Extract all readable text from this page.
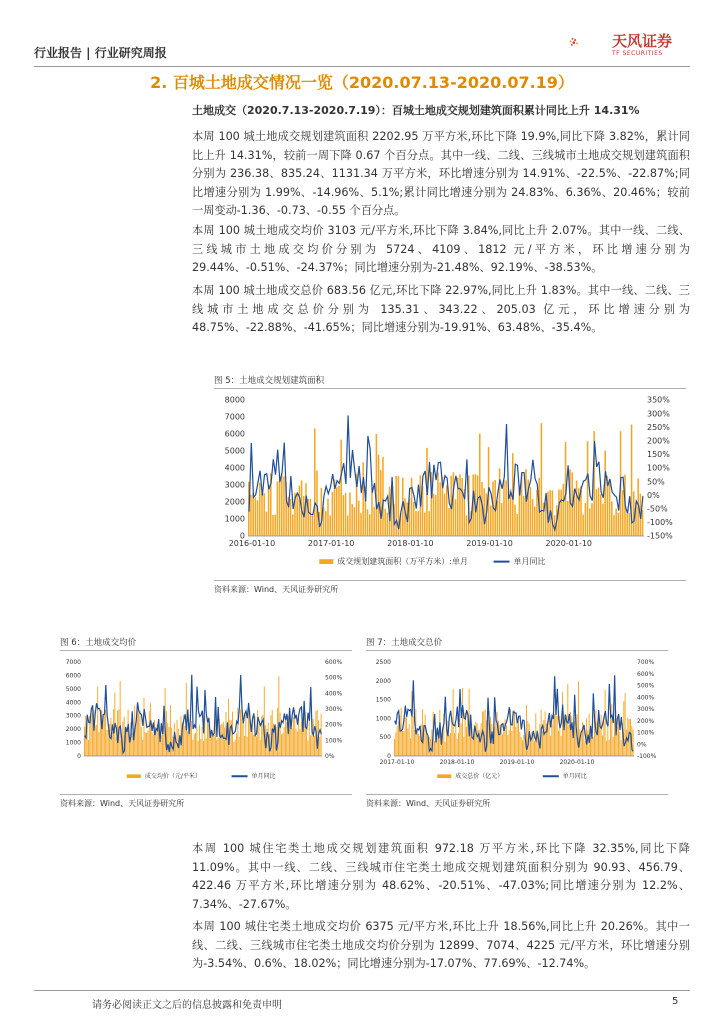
行业报告 | 行业研究周报
天风证券
TF SECURITIES
2. 百城土地成交情况一览（2020.07.13-2020.07.19）
土地成交（2020.7.13-2020.7.19）：百城土地成交规划建筑面积累计同比上升 14.31%
本周 100 城土地成交规划建筑面积 2202.95 万平方米,环比下降 19.9%,同比下降 3.82%，累计同比上升 14.31%，较前一周下降 0.67 个百分点。其中一线、二线、三线城市土地成交规划建筑面积分别为 236.38、835.24、1131.34 万平方米，环比增速分别为 14.91%、-22.5%、-22.87%;同比增速分别为 1.99%、-14.96%、5.1%;累计同比增速分别为 24.83%、6.36%、20.46%；较前一周变动-1.36、-0.73、-0.55 个百分点。
本周 100 城土地成交均价 3103 元/平方米,环比下降 3.84%,同比上升 2.07%。其中一线、二线、三线城市土地成交均价分别为 5724、4109、1812 元/平方米，环比增速分别为 29.44%、-0.51%、-24.37%；同比增速分别为-21.48%、92.19%、-38.53%。
本周 100 城土地成交总价 683.56 亿元,环比下降 22.97%,同比上升 1.83%。其中一线、二线、三线城市土地成交总价分别为 135.31、343.22、205.03 亿元，环比增速分别为 48.75%、-22.88%、-41.65%；同比增速分别为-19.91%、63.48%、-35.4%。
图 5：土地成交规划建筑面积
0
1000
2000
3000
4000
5000
6000
7000
8000
-150%
-100%
-50%
0%
50%
100%
150%
200%
250%
300%
350%
2016-01-10	2017-01-10	2018-01-10	2019-01-10	2020-01-10
成交规划建筑面积（万平方米）:单月	单月同比
资料来源：Wind、天风证券研究所
图 6：土地成交均价
0
1000
2000
3000
4000
5000
6000
7000
0%
100%
200%
300%
400%
500%
600%
成交均价（元/平米）	单月同比
资料来源：Wind、天风证券研究所
图 7：土地成交总价
0
500
1000
1500
2000
2500
-100%
0%
100%
200%
300%
400%
500%
600%
700%
2017-01-10	2018-01-10	2019-01-10	2020-01-10
成交总价（亿元）	单月同比
资料来源：Wind、天风证券研究所
本周 100 城住宅类土地成交规划建筑面积 972.18 万平方米,环比下降 32.35%,同比下降 11.09%。其中一线、二线、三线城市住宅类土地成交规划建筑面积分别为 90.93、456.79、422.46 万平方米,环比增速分别为 48.62%、-20.51%、-47.03%;同比增速分别为 12.2%、7.34%、-27.67%。
本周 100 城住宅类土地成交均价 6375 元/平方米,环比上升 18.56%,同比上升 20.26%。其中一线、二线、三线城市住宅类土地成交均价分别为 12899、7074、4225 元/平方米，环比增速分别为-3.54%、0.6%、18.02%；同比增速分别为-17.07%、77.69%、-12.74%。
请务必阅读正文之后的信息披露和免责申明	5
